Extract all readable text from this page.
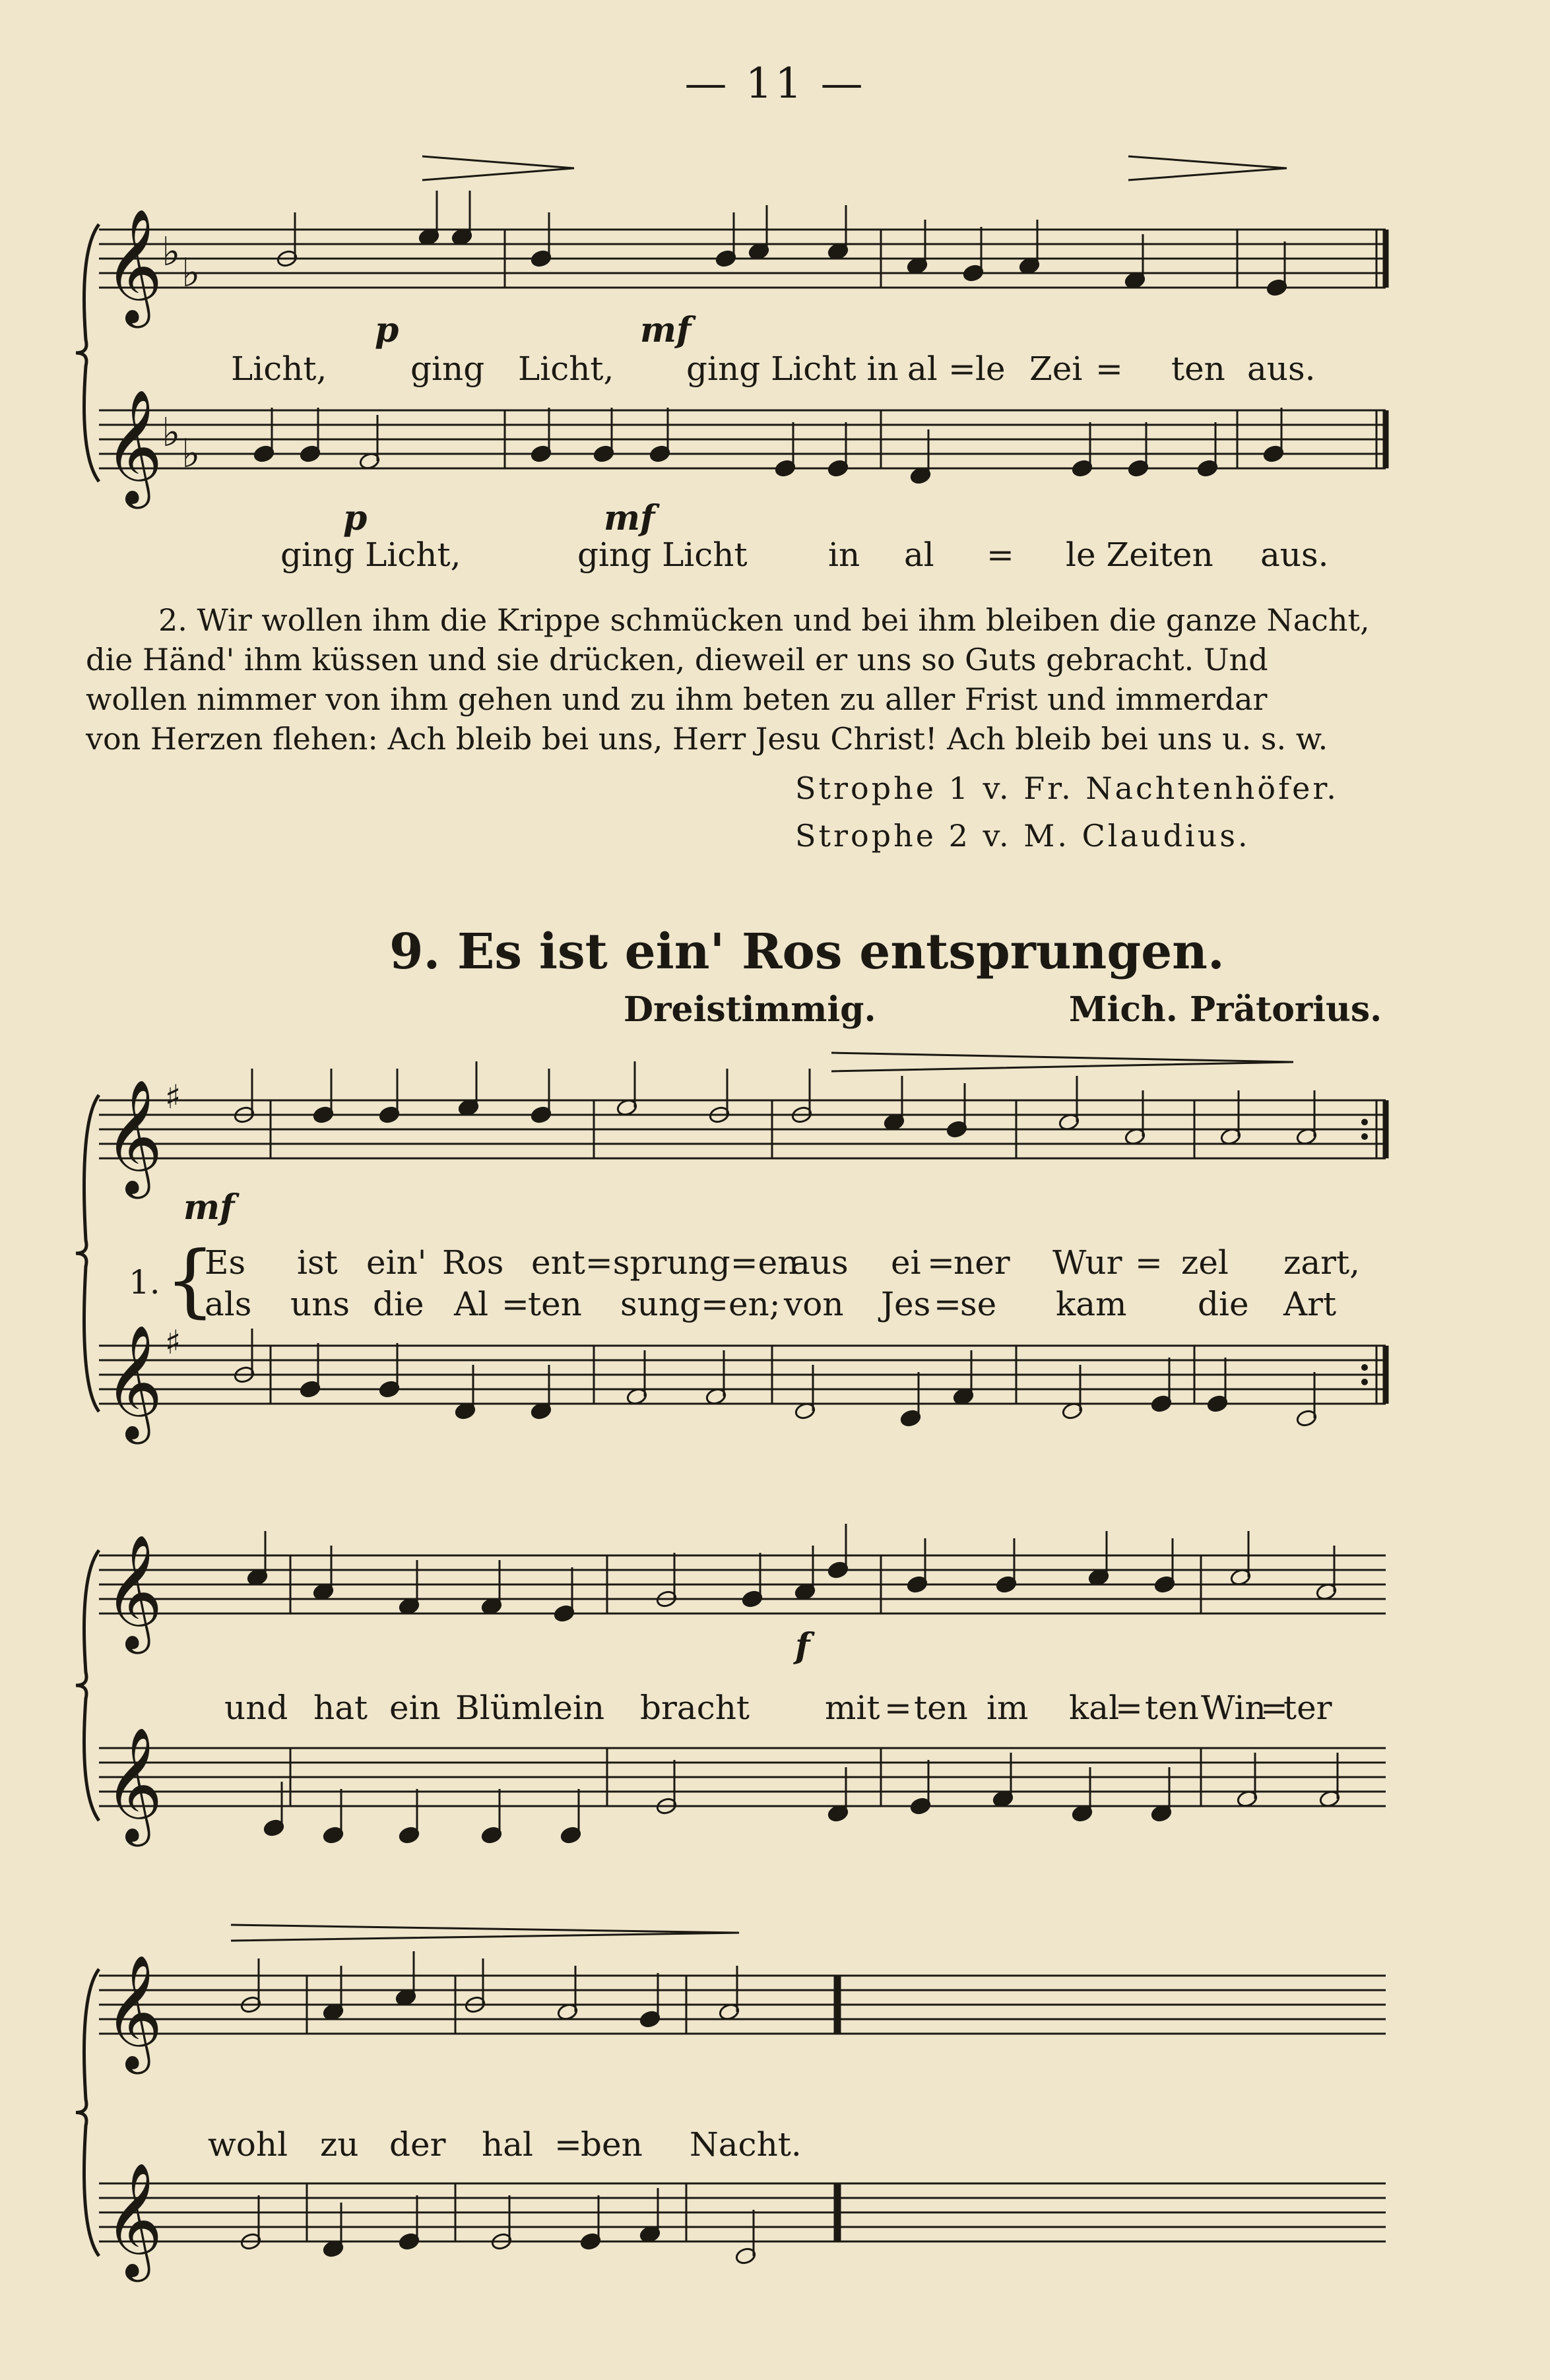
— 11 —
𝄞
♭ ♭
𝄞
♭ ♭
𝄞 ♯
𝄞 ♯
𝄞
𝄞
𝄞
𝄞
Licht,	ging Licht, ging Licht in al = le Zei = ten aus.
p	mf
ging Licht,	ging Licht in al = le Zeiten aus.
p	mf
2. Wir wollen ihm die Krippe schmücken und bei ihm bleiben die ganze Nacht,
die Händ' ihm küssen und sie drücken, dieweil er uns so Guts gebracht. Und
wollen nimmer von ihm gehen und zu ihm beten zu aller Frist und immerdar
von Herzen flehen: Ach bleib bei uns, Herr Jesu Christ! Ach bleib bei uns u. s. w.
Strophe 1 v. Fr. Nachtenhöfer.
Strophe 2 v. M. Claudius.
9. Es ist ein' Ros entsprungen.
Dreistimmig.	Mich. Prätorius.
mf
1. {
Es ist ein' Ros ent=sprung=en
aus ei =
ner Wur = zel zart,
als uns die Al =
ten sung=en; von Jes =
se kam die Art
f
und hat ein Blümlein bracht mit = ten im kal
= ten Win
=
ter
wohl zu der hal =
ben Nacht.
